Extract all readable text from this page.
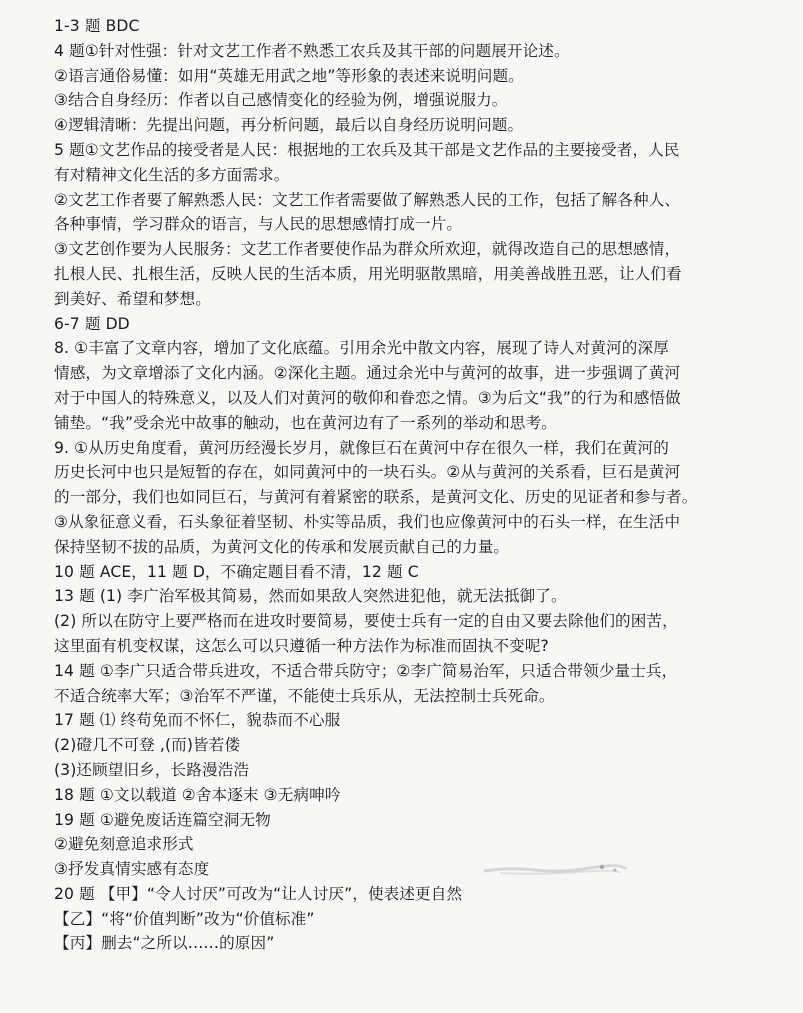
1-3 题 BDC
4 题①针对性强：针对文艺工作者不熟悉工农兵及其干部的问题展开论述。
②语言通俗易懂：如用“英雄无用武之地”等形象的表述来说明问题。
③结合自身经历：作者以自己感情变化的经验为例，增强说服力。
④逻辑清晰：先提出问题，再分析问题，最后以自身经历说明问题。
5 题①文艺作品的接受者是人民：根据地的工农兵及其干部是文艺作品的主要接受者，人民
有对精神文化生活的多方面需求。
②文艺工作者要了解熟悉人民：文艺工作者需要做了解熟悉人民的工作，包括了解各种人、
各种事情，学习群众的语言，与人民的思想感情打成一片。
③文艺创作要为人民服务：文艺工作者要使作品为群众所欢迎，就得改造自己的思想感情，
扎根人民、扎根生活，反映人民的生活本质，用光明驱散黑暗，用美善战胜丑恶，让人们看
到美好、希望和梦想。
6-7 题 DD
8. ①丰富了文章内容，增加了文化底蕴。引用余光中散文内容，展现了诗人对黄河的深厚
情感，为文章增添了文化内涵。②深化主题。通过余光中与黄河的故事，进一步强调了黄河
对于中国人的特殊意义，以及人们对黄河的敬仰和眷恋之情。③为后文“我”的行为和感悟做
铺垫。“我”受余光中故事的触动，也在黄河边有了一系列的举动和思考。
9. ①从历史角度看，黄河历经漫长岁月，就像巨石在黄河中存在很久一样，我们在黄河的
历史长河中也只是短暂的存在，如同黄河中的一块石头。②从与黄河的关系看，巨石是黄河
的一部分，我们也如同巨石，与黄河有着紧密的联系，是黄河文化、历史的见证者和参与者。
③从象征意义看，石头象征着坚韧、朴实等品质，我们也应像黄河中的石头一样，在生活中
保持坚韧不拔的品质，为黄河文化的传承和发展贡献自己的力量。
10 题 ACE，11 题 D，不确定题目看不清，12 题 C
13 题 (1) 李广治军极其简易，然而如果敌人突然进犯他，就无法抵御了。
(2) 所以在防守上要严格而在进攻时要简易，要使士兵有一定的自由又要去除他们的困苦，
这里面有机变权谋，这怎么可以只遵循一种方法作为标准而固执不变呢?
14 题 ①李广只适合带兵进攻，不适合带兵防守；②李广简易治军，只适合带领少量士兵，
不适合统率大军；③治军不严谨，不能使士兵乐从，无法控制士兵死命。
17 题 ⑴ 终苟免而不怀仁，貌恭而不心服
(2)磴几不可登 ,(而)皆若偻
(3)还顾望旧乡，长路漫浩浩
18 题 ①文以载道 ②舍本逐末 ③无病呻吟
19 题 ①避免废话连篇空洞无物
②避免刻意追求形式
③抒发真情实感有态度
20 题 【甲】“令人讨厌”可改为“让人讨厌”，使表述更自然
【乙】“将“价值判断”改为“价值标准”
【丙】删去“之所以……的原因”
